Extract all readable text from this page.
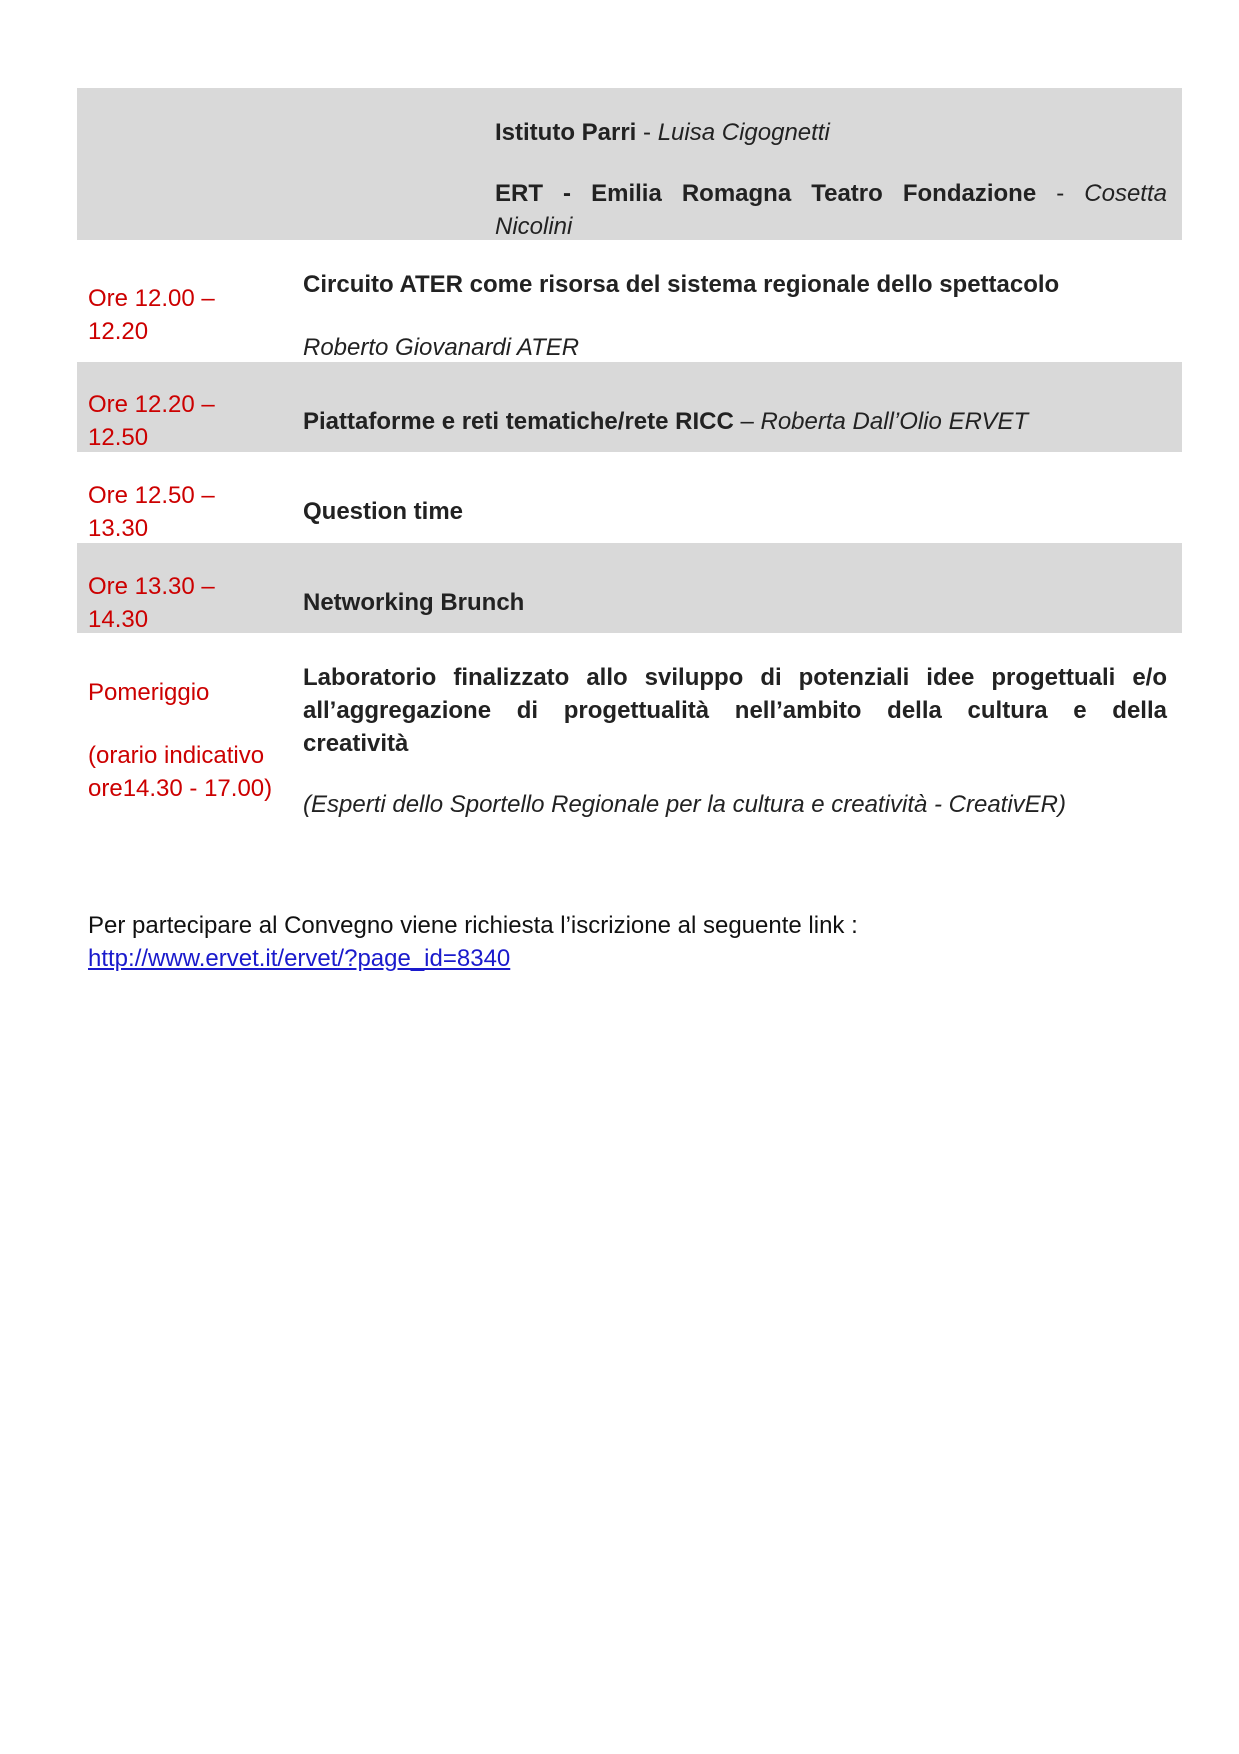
Istituto Parri - Luisa Cigognetti
ERT - Emilia Romagna Teatro Fondazione - Cosetta
Nicolini
Ore 12.00 –
12.20
Circuito ATER come risorsa del sistema regionale dello spettacolo
Roberto Giovanardi ATER
Ore 12.20 –
12.50
Piattaforme e reti tematiche/rete RICC – Roberta Dall’Olio ERVET
Ore 12.50 –
13.30
Question time
Ore 13.30 –
14.30
Networking Brunch
Pomeriggio
(orario indicativo
ore14.30 - 17.00)
Laboratorio finalizzato allo sviluppo di potenziali idee progettuali e/o
all’aggregazione di progettualità nell’ambito della cultura e della
creatività
(Esperti dello Sportello Regionale per la cultura e creatività - CreativER)
Per partecipare al Convegno viene richiesta l’iscrizione al seguente link :
http://www.ervet.it/ervet/?page_id=8340
